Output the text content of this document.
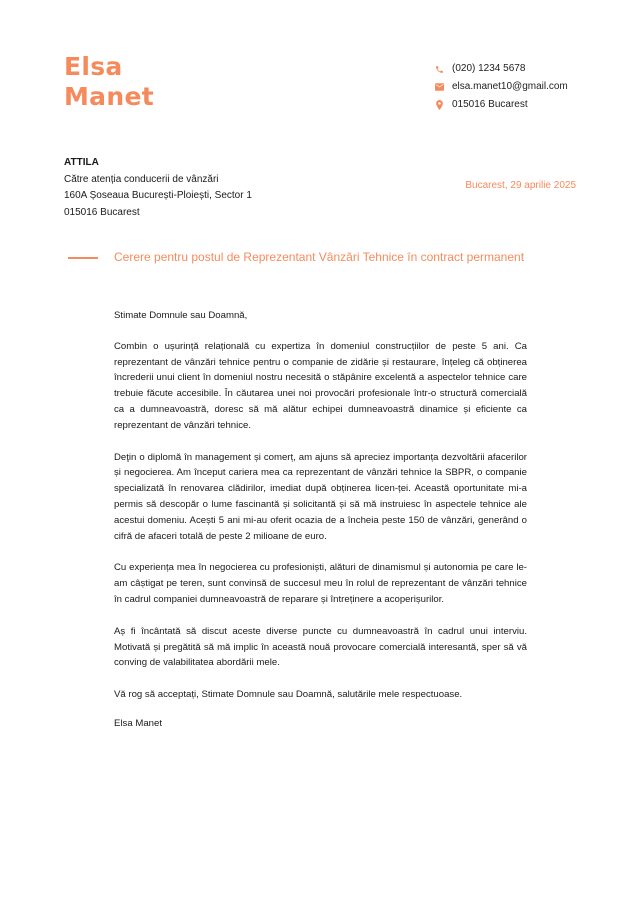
Elsa
Manet
(020) 1234 5678
elsa.manet10@gmail.com
015016 Bucarest
ATTILA
Către atenția conducerii de vânzări
160A Șoseaua București-Ploiești, Sector 1
015016 Bucarest
Bucarest, 29 aprilie 2025
Cerere pentru postul de Reprezentant Vânzări Tehnice în contract permanent

Stimate Domnule sau Doamnă,

Combin o ușurință relațională cu expertiza în domeniul construcțiilor de peste 5 ani. Ca reprezentant de vânzări tehnice pentru o companie de zidărie și restaurare, înțeleg că obținerea încrederii unui client în domeniul nostru necesită o stăpânire excelentă a aspectelor tehnice care trebuie făcute accesibile. În căutarea unei noi provocări profesionale într-o structură comercială ca a dumneavoastră, doresc să mă alătur echipei dumneavoastră dinamice și eficiente ca reprezentant de vânzări tehnice.

Deţin o diplomă în management și comerț, am ajuns să apreciez importanța dezvoltării afacerilor și negocierea. Am început cariera mea ca reprezentant de vânzări tehnice la SBPR, o companie specializată în renovarea clădirilor, imediat după obținerea licen-ței. Această oportunitate mi-a permis să descopăr o lume fascinantă și solicitantă și să mă instruiesc în aspectele tehnice ale acestui domeniu. Acești 5 ani mi-au oferit ocazia de a încheia peste 150 de vânzări, generând o cifră de afaceri totală de peste 2 milioane de euro.

Cu experiența mea în negocierea cu profesioniști, alături de dinamismul și autonomia pe care le-am câștigat pe teren, sunt convinsă de succesul meu în rolul de reprezentant de vânzări tehnice în cadrul companiei dumneavoastră de reparare și întreținere a acoperișurilor.

Aș fi încântată să discut aceste diverse puncte cu dumneavoastră în cadrul unui interviu. Motivată și pregătită să mă implic în această nouă provocare comercială interesantă, sper să vă conving de valabilitatea abordării mele.

Vă rog să acceptați, Stimate Domnule sau Doamnă, salutările mele respectuoase.

Elsa Manet
